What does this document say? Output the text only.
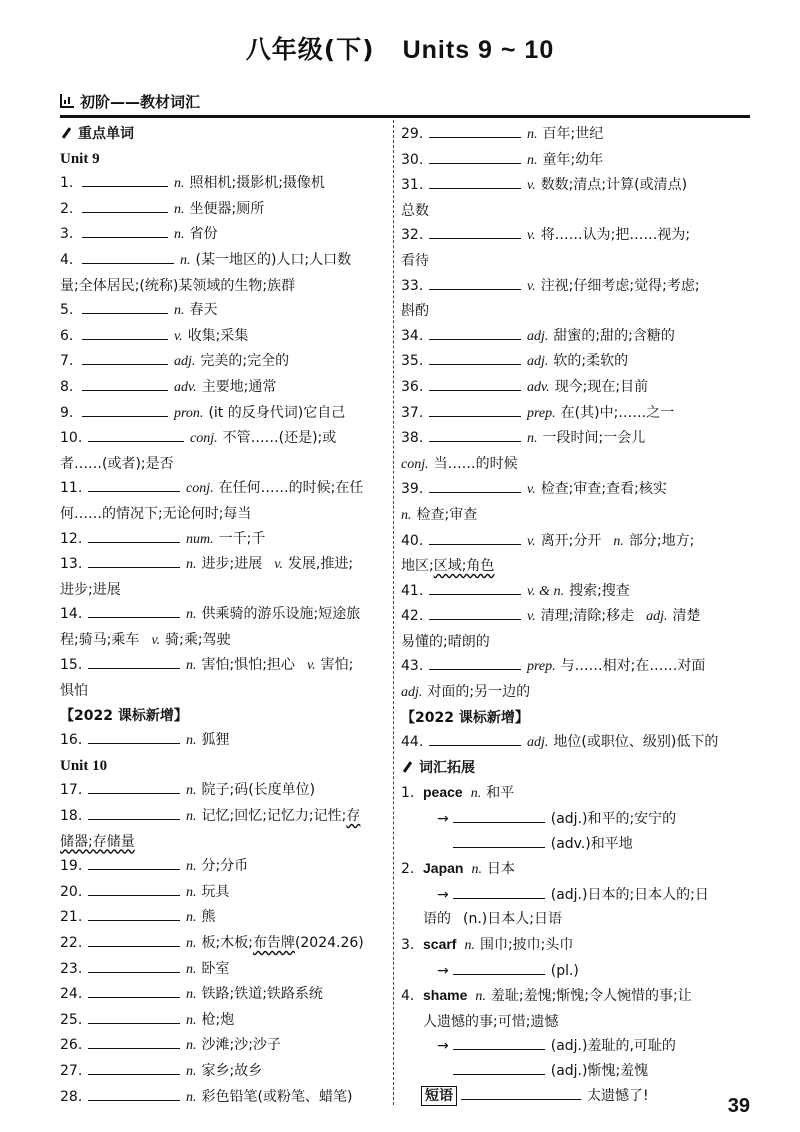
八年级(下) Units 9 ~ 10
初阶——教材词汇
重点单词
Unit 9
1.	n. 照相机;摄影机;摄像机
2.	n. 坐便器;厕所
3.	n. 省份
4.	n. (某一地区的)人口;人口数
量;全体居民;(统称)某领域的生物;族群
5.	n. 春天
6.	v. 收集;采集
7.	adj. 完美的;完全的
8.	adv. 主要地;通常
9.	pron. (it 的反身代词)它自己
10.	conj. 不管……(还是);或
者……(或者);是否
11.	conj. 在任何……的时候;在任
何……的情况下;无论何时;每当
12.	num. 一千;千
13.	n. 进步;进展 v. 发展,推进;
进步;进展
14.	n. 供乘骑的游乐设施;短途旅
程;骑马;乘车 v. 骑;乘;驾驶
15.	n. 害怕;惧怕;担心 v. 害怕;
惧怕
【2022 课标新增】
16.	n. 狐狸
Unit 10
17.	n. 院子;码(长度单位)
18.	n. 记忆;回忆;记忆力;记性;存
储器;存储量
19.	n. 分;分币
20.	n. 玩具
21.	n. 熊
22.	n. 板;木板;布告牌(2024.26)
23.	n. 卧室
24.	n. 铁路;铁道;铁路系统
25.	n. 枪;炮
26.	n. 沙滩;沙;沙子
27.	n. 家乡;故乡
28.	n. 彩色铅笔(或粉笔、蜡笔)
29.	n. 百年;世纪
30.	n. 童年;幼年
31.	v. 数数;清点;计算(或清点)
总数
32.	v. 将……认为;把……视为;
看待
33.	v. 注视;仔细考虑;觉得;考虑;
斟酌
34.	adj. 甜蜜的;甜的;含糖的
35.	adj. 软的;柔软的
36.	adv. 现今;现在;目前
37.	prep. 在(其)中;……之一
38.	n. 一段时间;一会儿
conj. 当……的时候
39.	v. 检查;审查;查看;核实
n. 检查;审查
40.	v. 离开;分开 n. 部分;地方;
地区;区域;角色
41.	v. & n. 搜索;搜查
42.	v. 清理;清除;移走 adj. 清楚
易懂的;晴朗的
43.	prep. 与……相对;在……对面
adj. 对面的;另一边的
【2022 课标新增】
44.	adj. 地位(或职位、级别)低下的
词汇拓展
1. peace n. 和平
→	(adj.)和平的;安宁的
(adv.)和平地
2. Japan n. 日本
→	(adj.)日本的;日本人的;日
语的 (n.)日本人;日语
3. scarf n. 围巾;披巾;头巾
→	(pl.)
4. shame n. 羞耻;羞愧;惭愧;令人惋惜的事;让
人遗憾的事;可惜;遗憾
→	(adj.)羞耻的,可耻的
(adj.)惭愧;羞愧
短语	太遗憾了!	39
